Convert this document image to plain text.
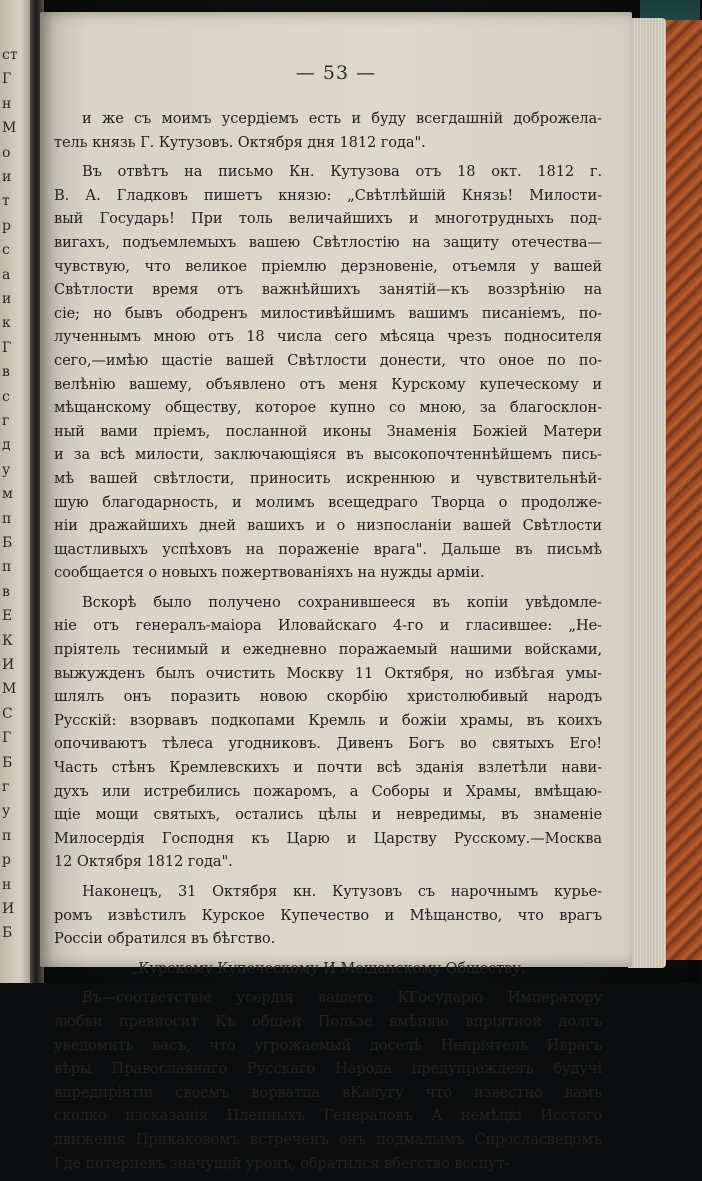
ст
Г
н
М
о
и
т
р
с
а
и
к
Г
в
с
г
д
у
м
п
Б
п
в
Е
К
И
М
С
Г
Б
г
у
п
р
н
И
Б
— 53 —
и же съ моимъ усердіемъ есть и буду всегдашній доброжела-
тель князь Г. Кутузовъ. Октября дня 1812 года".
Въ отвѣтъ на письмо Кн. Кутузова отъ 18 окт. 1812 г.
В. А. Гладковъ пишетъ князю: „Свѣтлѣйшій Князь! Милости-
вый Государь! При толь величайшихъ и многотрудныхъ под-
вигахъ, подъемлемыхъ вашею Свѣтлостію на защиту отечества—
чувствую, что великое пріемлю дерзновеніе, отъемля у вашей
Свѣтлости время отъ важнѣйшихъ занятій—къ воззрѣнію на
сіе; но бывъ ободренъ милостивѣйшимъ вашимъ писаніемъ, по-
лученнымъ мною отъ 18 числа сего мѣсяца чрезъ подносителя
сего,—имѣю щастіе вашей Свѣтлости донести, что оное по по-
велѣнію вашему, объявлено отъ меня Курскому купеческому и
мѣщанскому обществу, которое купно со мною, за благосклон-
ный вами пріемъ, посланной иконы Знаменія Божіей Матери
и за всѣ милости, заключающіяся въ высокопочтеннѣйшемъ пись-
мѣ вашей свѣтлости, приносить искреннюю и чувствительнѣй-
шую благодарность, и молимъ всещедраго Творца о продолже-
ніи дражайшихъ дней вашихъ и о низпосланіи вашей Свѣтлости
щастливыхъ успѣховъ на пораженіе врага". Дальше въ письмѣ
сообщается о новыхъ пожертвованіяхъ на нужды арміи.
Вскорѣ было получено сохранившееся въ копіи увѣдомле-
ніе отъ генералъ-маіора Иловайскаго 4-го и гласившее: „Не-
пріятель теснимый и ежедневно поражаемый нашими войсками,
выжужденъ былъ очистить Москву 11 Октября, но избѣгая умы-
шлялъ онъ поразить новою скорбію христолюбивый народъ
Русскій: взорвавъ подкопами Кремль и божіи храмы, въ коихъ
опочиваютъ тѣлеса угодниковъ. Дивенъ Богъ во святыхъ Его!
Часть стѣнъ Кремлевскихъ и почти всѣ зданія взлетѣли нави-
духъ или истребились пожаромъ, а Соборы и Храмы, вмѣщаю-
щіе мощи святыхъ, остались цѣлы и невредимы, въ знаменіе
Милосердія Господня къ Царю и Царству Русскому.—Москва
12 Октября 1812 года".
Наконецъ, 31 Октября кн. Кутузовъ съ нарочнымъ курье-
ромъ извѣстилъ Курское Купечество и Мѣщанство, что врагъ
Россіи обратился въ бѣгство.
„Курскому Купеческому И Мещанскому Обществу.
Въ—соответствіе усердія вашего КГосударю Императору
любви превносит Къ общей Пользе вмѣняю впріятной долгъ
уведомить васъ, что угрожаемый доселѣ Непріятель Иврагъ
вѣры Православнаго Русскаго Народа предупрежденъ будучі
впредпріятіи своемъ ворватца вКалугу что известно вамъ
сколко изсказанія Пленныхъ Генераловъ А немѣцкі Исстого
движенія Прикаковомъ встреченъ онъ подмалымъ Сиросласвецомъ
Где потерпевъ значущій уронъ, обратился вбегство всспут-
